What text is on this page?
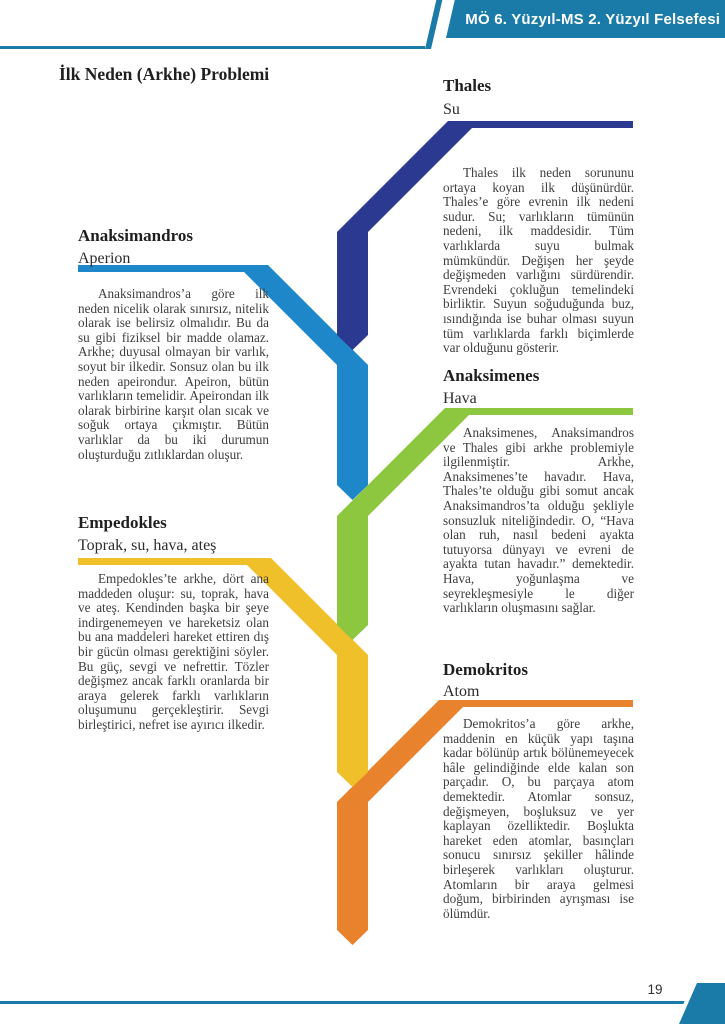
MÖ 6. Yüzyıl-MS 2. Yüzyıl Felsefesi
İlk Neden (Arkhe) Problemi
Thales
Su
Thales ilk neden sorununu ortaya koyan ilk düşünürdür. Thales’e göre evrenin ilk nedeni sudur. Su; varlıkların tümünün nedeni, ilk maddesidir. Tüm varlıklarda suyu bulmak mümkündür. Değişen her şeyde değişmeden varlığını sürdürendir. Evrendeki çokluğun temelindeki birliktir. Suyun soğuduğunda buz, ısındığında ise buhar olması suyun tüm varlıklarda farklı biçimlerde var olduğunu gösterir.
Anaksimandros
Aperion
Anaksimandros’a göre ilk neden nicelik olarak sınırsız, nitelik olarak ise belirsiz olmalıdır. Bu da su gibi fiziksel bir madde olamaz. Arkhe; duyusal olmayan bir varlık, soyut bir ilkedir. Sonsuz olan bu ilk neden apeirondur. Apeiron, bütün varlıkların temelidir. Apeirondan ilk olarak birbirine karşıt olan sıcak ve soğuk ortaya çıkmıştır. Bütün varlıklar da bu iki durumun oluşturduğu zıtlıklardan oluşur.
Anaksimenes
Hava
Anaksimenes, Anaksimandros ve Thales gibi arkhe problemiyle ilgilenmiştir. Arkhe, Anaksimenes’te havadır. Hava, Thales’te olduğu gibi somut ancak Anaksimandros’ta olduğu şekliyle sonsuzluk niteliğindedir. O, “Hava olan ruh, nasıl bedeni ayakta tutuyorsa dünyayı ve evreni de ayakta tutan havadır.” demektedir. Hava, yoğunlaşma ve seyrekleşmesiyle le diğer varlıkların oluşmasını sağlar.
Empedokles
Toprak, su, hava, ateş
Empedokles’te arkhe, dört ana maddeden oluşur: su, toprak, hava ve ateş. Kendinden başka bir şeye indirgenemeyen ve hareketsiz olan bu ana maddeleri hareket ettiren dış bir gücün olması gerektiğini söyler. Bu güç, sevgi ve nefrettir. Tözler değişmez ancak farklı oranlarda bir araya gelerek farklı varlıkların oluşumunu gerçekleştirir. Sevgi birleştirici, nefret ise ayırıcı ilkedir.
Demokritos
Atom
Demokritos’a göre arkhe, maddenin en küçük yapı taşına kadar bölünüp artık bölünemeyecek hâle gelindiğinde elde kalan son parçadır. O, bu parçaya atom demektedir. Atomlar sonsuz, değişmeyen, boşluksuz ve yer kaplayan özelliktedir. Boşlukta hareket eden atomlar, basınçları sonucu sınırsız şekiller hâlinde birleşerek varlıkları oluşturur. Atomların bir araya gelmesi doğum, birbirinden ayrışması ise ölümdür.
19
